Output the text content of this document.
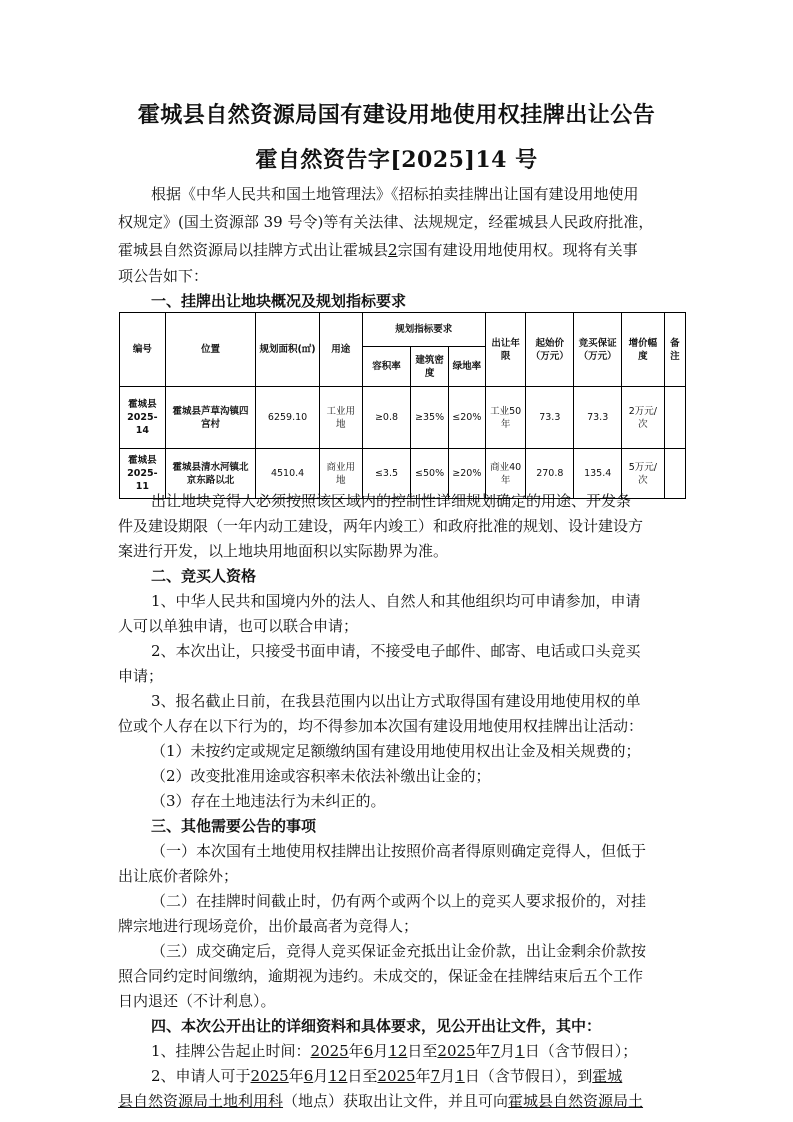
霍城县自然资源局国有建设用地使用权挂牌出让公告
霍自然资告字[2025]14 号
根据《中华人民共和国土地管理法》《招标拍卖挂牌出让国有建设用地使用
权规定》(国土资源部 39 号令)等有关法律、法规规定，经霍城县人民政府批准，
霍城县自然资源局以挂牌方式出让霍城县2宗国有建设用地使用权。现将有关事
项公告如下：
一、挂牌出让地块概况及规划指标要求
编号	位置	规划面积(㎡)	用途	规划指标要求			出让年限	起始价（万元）	竞买保证（万元）	增价幅度	备注
				容积率	建筑密度	绿地率					
霍城县2025-14	霍城县芦草沟镇四宫村	6259.10	工业用地	≥0.8	≥35%	≤20%	工业50年	73.3	73.3	2万元/次	
霍城县2025-11	霍城县清水河镇北京东路以北	4510.4	商业用地	≤3.5	≤50%	≥20%	商业40年	270.8	135.4	5万元/次	
出让地块竞得人必须按照该区域内的控制性详细规划确定的用途、开发条
件及建设期限（一年内动工建设，两年内竣工）和政府批准的规划、设计建设方
案进行开发，以上地块用地面积以实际勘界为准。
二、竞买人资格
1、中华人民共和国境内外的法人、自然人和其他组织均可申请参加，申请
人可以单独申请，也可以联合申请；
2、本次出让，只接受书面申请，不接受电子邮件、邮寄、电话或口头竞买
申请；
3、报名截止日前，在我县范围内以出让方式取得国有建设用地使用权的单
位或个人存在以下行为的，均不得参加本次国有建设用地使用权挂牌出让活动：
（1）未按约定或规定足额缴纳国有建设用地使用权出让金及相关规费的；
（2）改变批准用途或容积率未依法补缴出让金的；
（3）存在土地违法行为未纠正的。
三、其他需要公告的事项
（一）本次国有土地使用权挂牌出让按照价高者得原则确定竞得人，但低于
出让底价者除外；
（二）在挂牌时间截止时，仍有两个或两个以上的竞买人要求报价的，对挂
牌宗地进行现场竞价，出价最高者为竞得人；
（三）成交确定后，竞得人竞买保证金充抵出让金价款，出让金剩余价款按
照合同约定时间缴纳，逾期视为违约。未成交的，保证金在挂牌结束后五个工作
日内退还（不计利息）。
四、本次公开出让的详细资料和具体要求，见公开出让文件，其中：
1、挂牌公告起止时间：2025年6月12日至2025年7月1日（含节假日）；
2、申请人可于2025年6月12日至2025年7月1日（含节假日），到霍城
县自然资源局土地利用科（地点）获取出让文件，并且可向霍城县自然资源局土
